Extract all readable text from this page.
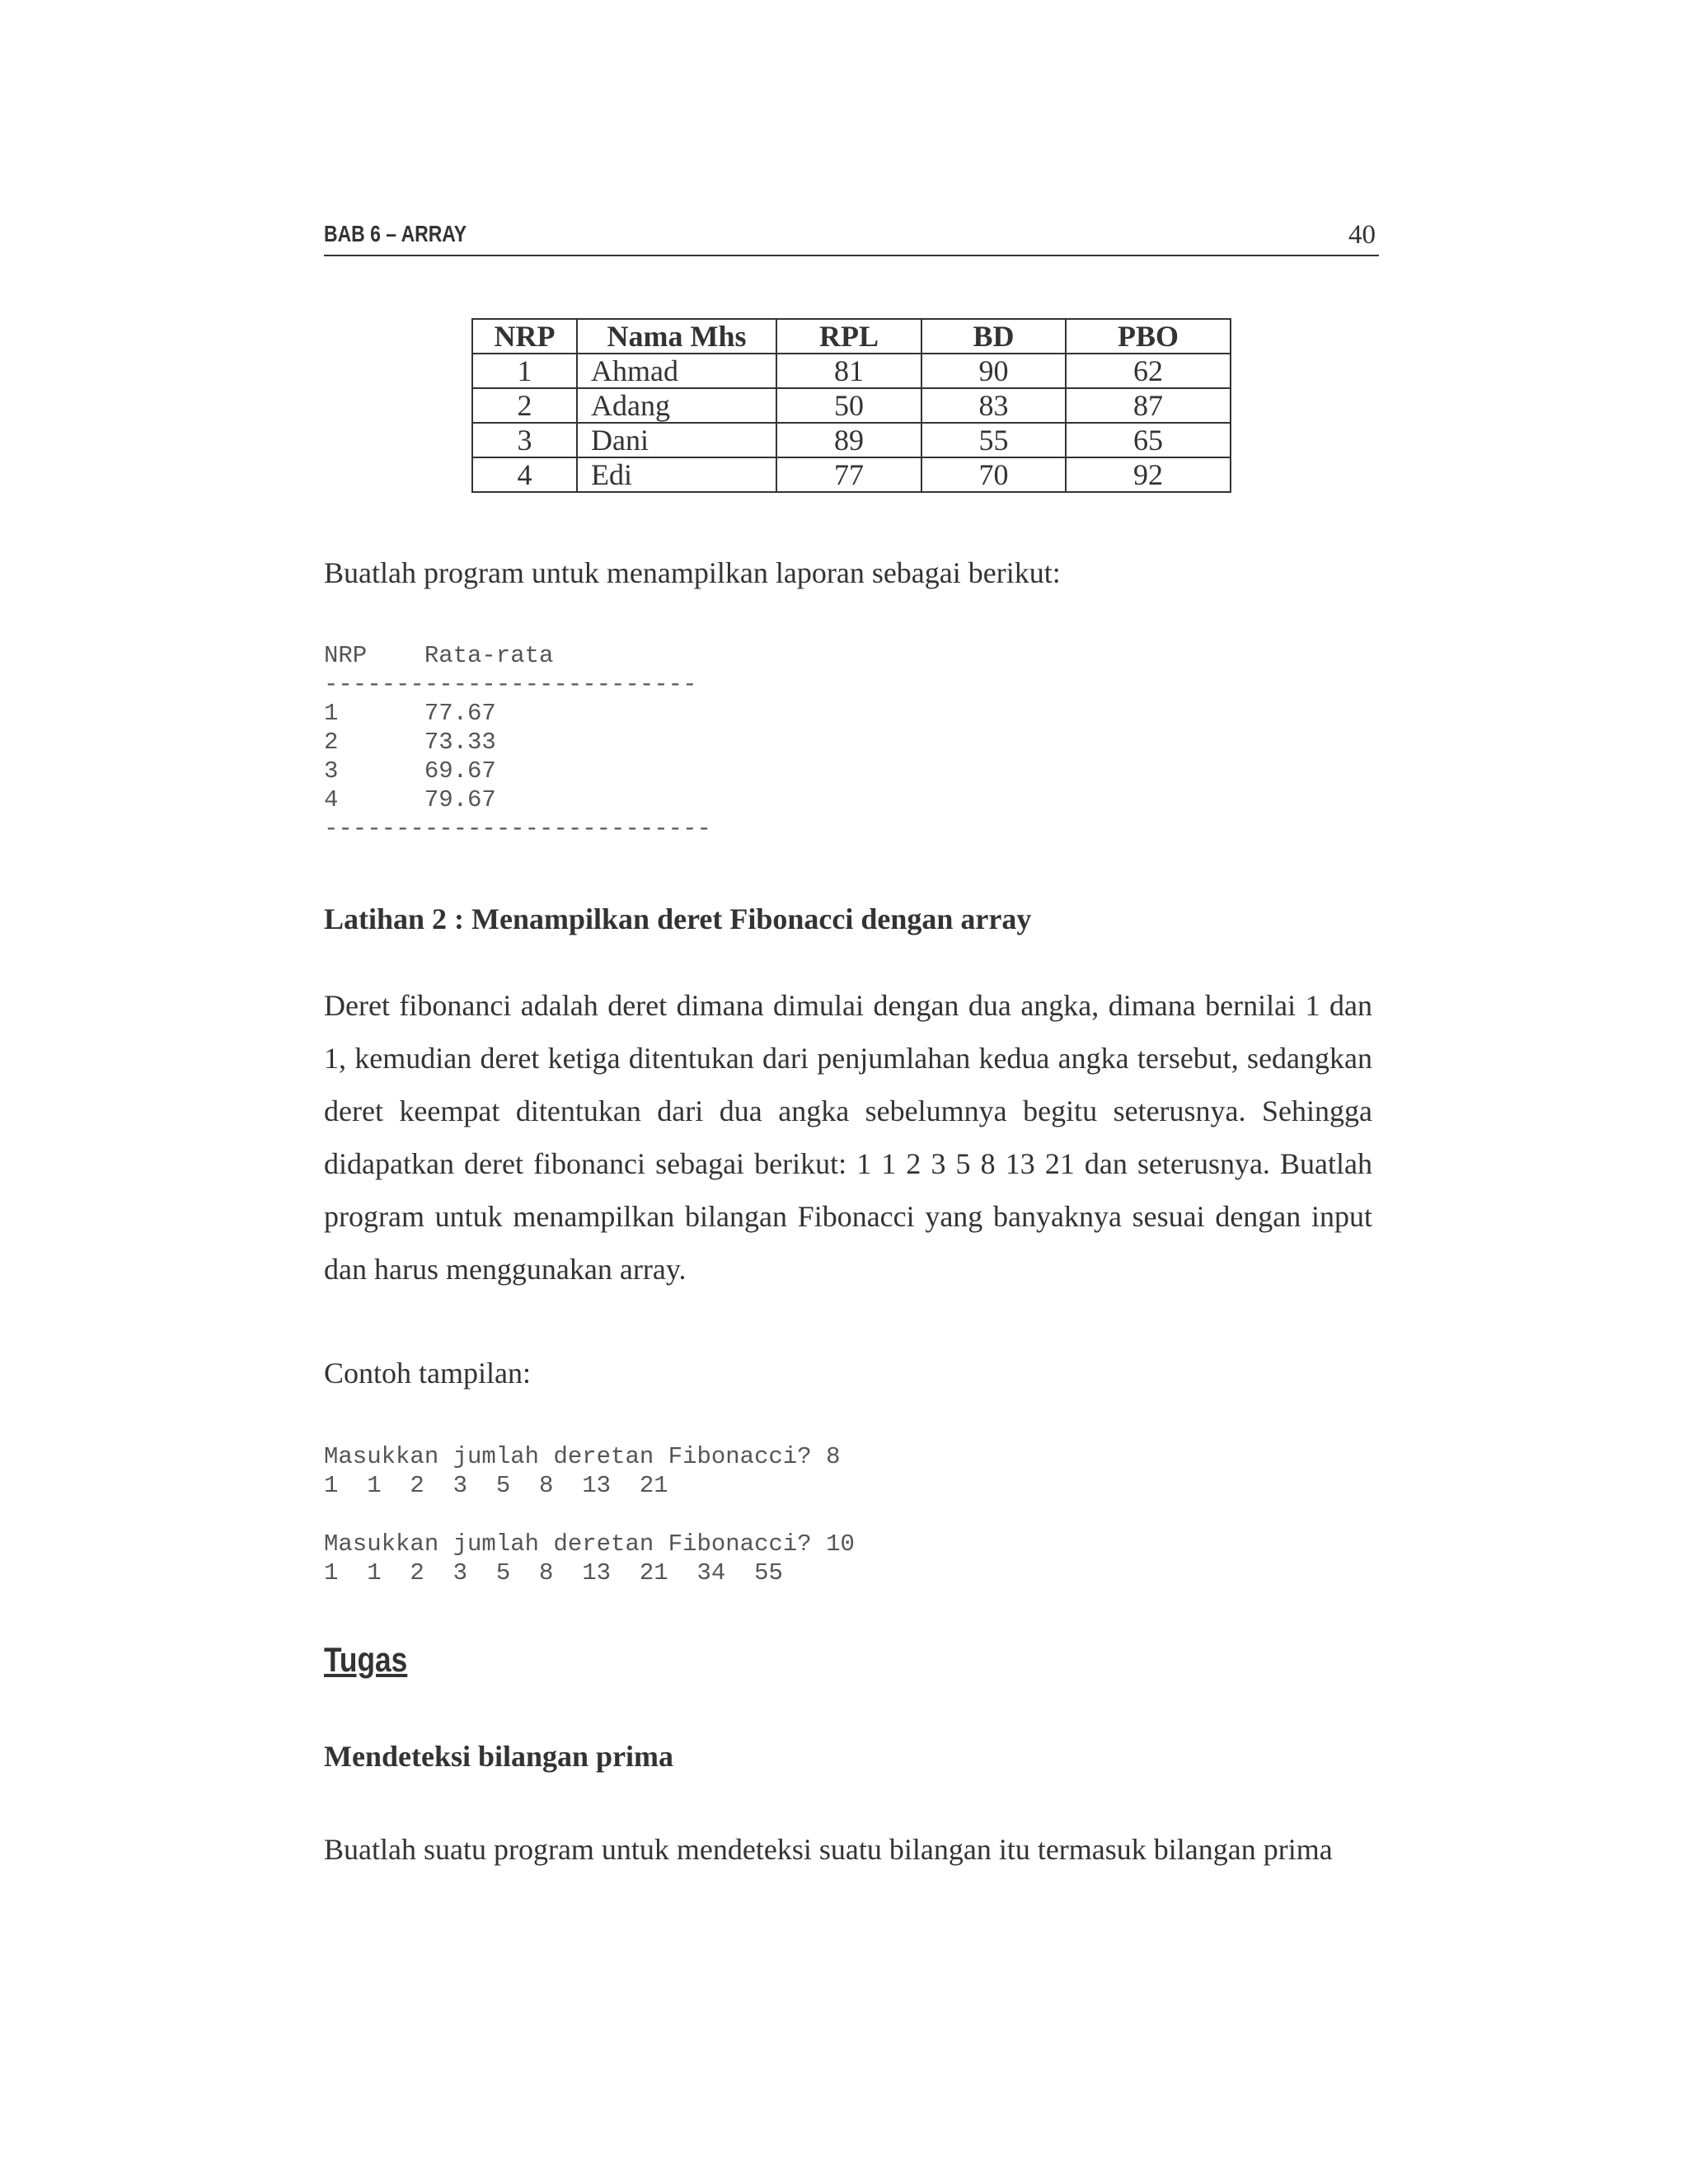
BAB 6 – ARRAY	40
NRP	Nama Mhs	RPL	BD	PBO
1	Ahmad	81	90	62
2	Adang	50	83	87
3	Dani	89	55	65
4	Edi	77	70	92

Buatlah program untuk menampilkan laporan sebagai berikut:

NRP    Rata-rata
--------------------------
1      77.67
2      73.33
3      69.67
4      79.67
---------------------------
Latihan 2 : Menampilkan deret Fibonacci dengan array

Deret fibonanci adalah deret dimana dimulai dengan dua angka, dimana bernilai 1 dan 1, kemudian deret ketiga ditentukan dari penjumlahan kedua angka tersebut, sedangkan deret keempat ditentukan dari dua angka sebelumnya begitu seterusnya. Sehingga didapatkan deret fibonanci sebagai berikut: 1 1 2 3 5 8 13 21 dan seterusnya. Buatlah program untuk menampilkan bilangan Fibonacci yang banyaknya sesuai dengan input dan harus menggunakan array.

Contoh tampilan:

Masukkan jumlah deretan Fibonacci? 8
1  1  2  3  5  8  13  21
Masukkan jumlah deretan Fibonacci? 10
1  1  2  3  5  8  13  21  34  55
Tugas
Mendeteksi bilangan prima

Buatlah suatu program untuk mendeteksi suatu bilangan itu termasuk bilangan prima
